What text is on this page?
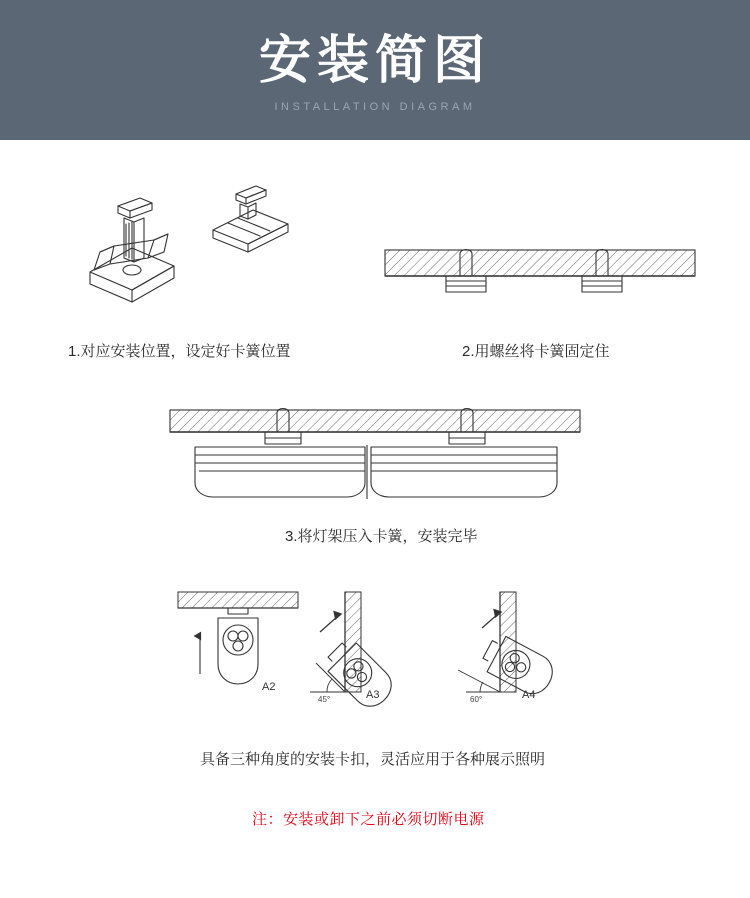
安装简图
INSTALLATION DIAGRAM
1.对应安装位置，设定好卡簧位置	2.用螺丝将卡簧固定住
3.将灯架压入卡簧，安装完毕
A2
45°	A3	60°	A4
具备三种角度的安装卡扣，灵活应用于各种展示照明
注：安装或卸下之前必须切断电源
